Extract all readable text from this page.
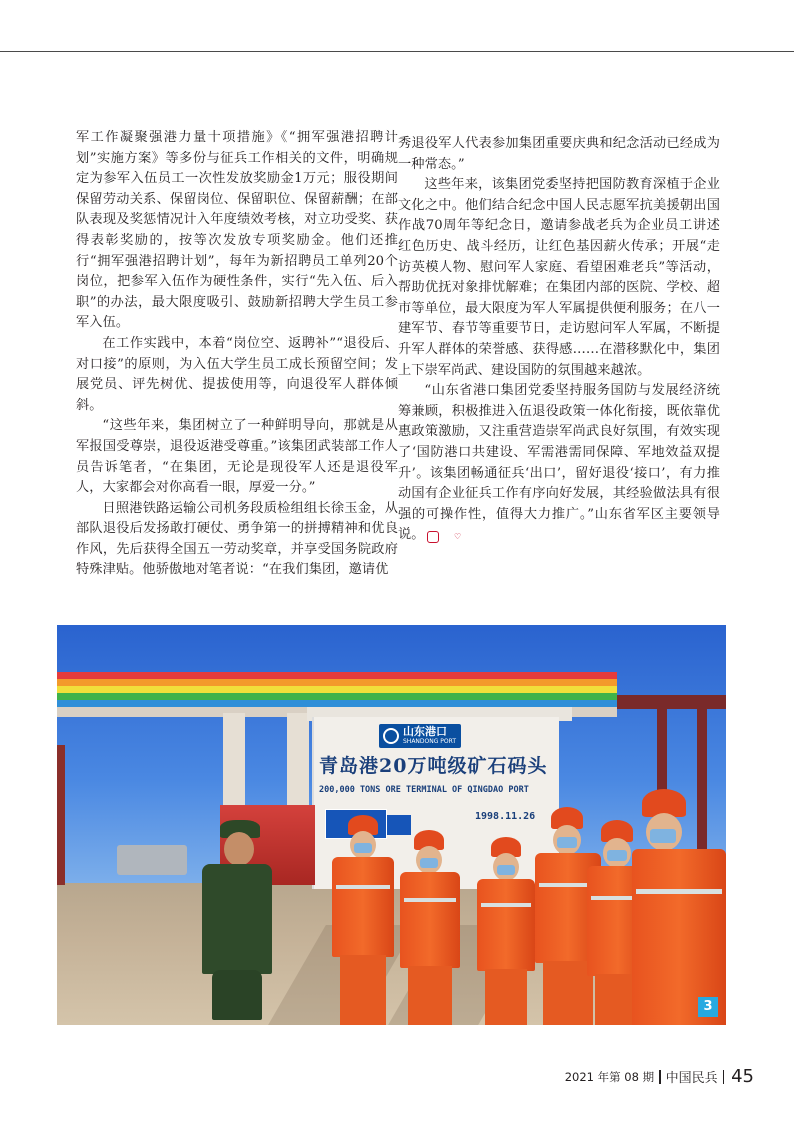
军工作凝聚强港力量十项措施》《“拥军强港招聘计划”实施方案》等多份与征兵工作相关的文件，明确规定为参军入伍员工一次性发放奖励金1万元；服役期间保留劳动关系、保留岗位、保留职位、保留薪酬；在部队表现及奖惩情况计入年度绩效考核，对立功受奖、获得表彰奖励的，按等次发放专项奖励金。他们还推行“拥军强港招聘计划”，每年为新招聘员工单列20个岗位，把参军入伍作为硬性条件，实行“先入伍、后入职”的办法，最大限度吸引、鼓励新招聘大学生员工参军入伍。

在工作实践中，本着“岗位空、返聘补”“退役后、对口接”的原则，为入伍大学生员工成长预留空间；发展党员、评先树优、提拔使用等，向退役军人群体倾斜。

“这些年来，集团树立了一种鲜明导向，那就是从军报国受尊崇，退役返港受尊重。”该集团武装部工作人员告诉笔者，“在集团，无论是现役军人还是退役军人，大家都会对你高看一眼，厚爱一分。”

日照港铁路运输公司机务段质检组组长徐玉金，从部队退役后发扬敢打硬仗、勇争第一的拼搏精神和优良作风，先后获得全国五一劳动奖章，并享受国务院政府特殊津贴。他骄傲地对笔者说：“在我们集团，邀请优

秀退役军人代表参加集团重要庆典和纪念活动已经成为一种常态。”

这些年来，该集团党委坚持把国防教育深植于企业文化之中。他们结合纪念中国人民志愿军抗美援朝出国作战70周年等纪念日，邀请参战老兵为企业员工讲述红色历史、战斗经历，让红色基因薪火传承；开展“走访英模人物、慰问军人家庭、看望困难老兵”等活动，帮助优抚对象排忧解难；在集团内部的医院、学校、超市等单位，最大限度为军人军属提供便利服务；在八一建军节、春节等重要节日，走访慰问军人军属，不断提升军人群体的荣誉感、获得感……在潜移默化中，集团上下崇军尚武、建设国防的氛围越来越浓。

“山东省港口集团党委坚持服务国防与发展经济统筹兼顾，积极推进入伍退役政策一体化衔接，既依靠优惠政策激励，又注重营造崇军尚武良好氛围，有效实现了‘国防港口共建设、军需港需同保障、军地效益双提升’。该集团畅通征兵‘出口’，留好退役‘接口’，有力推动国有企业征兵工作有序向好发展，其经验做法具有很强的可操作性，值得大力推广。”山东省军区主要领导说。	♡

山东港口
SHANDONG PORT
青岛港20万吨级矿石码头
200,000 TONS ORE TERMINAL OF QINGDAO PORT
1998.11.26
3
2021 年第 08 期 中国民兵 45
